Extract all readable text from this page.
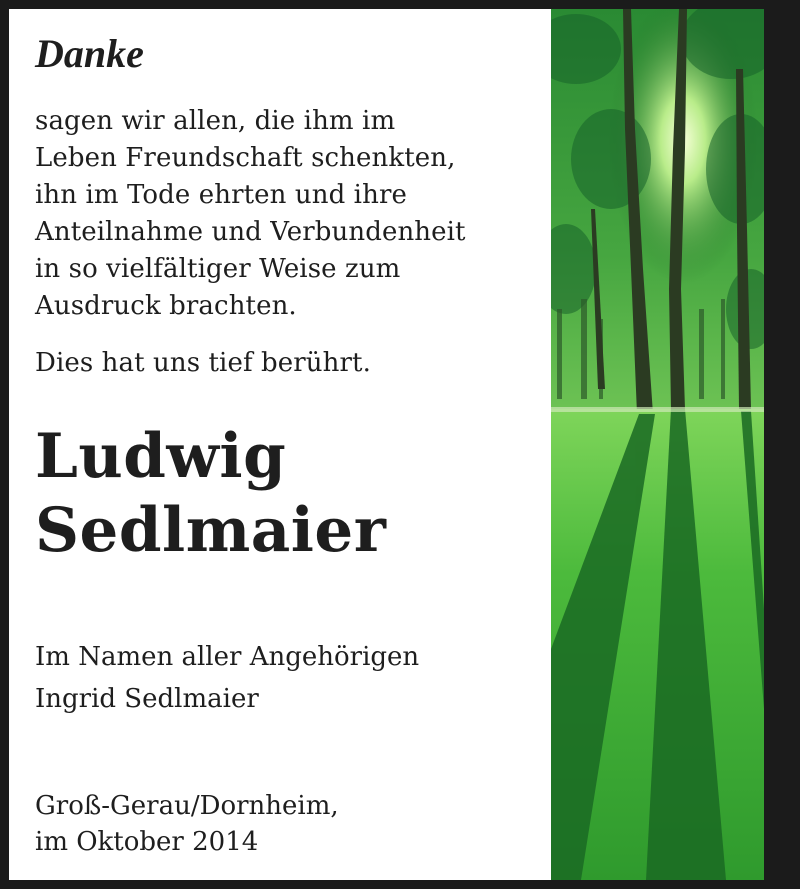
Danke
sagen wir allen, die ihm im
Leben Freundschaft schenkten,
ihn im Tode ehrten und ihre
Anteilnahme und Verbundenheit
in so vielfältiger Weise zum
Ausdruck brachten.
Dies hat uns tief berührt.
Ludwig
Sedlmaier
Im Namen aller Angehörigen
Ingrid Sedlmaier
Groß-Gerau/Dornheim,
im Oktober 2014
